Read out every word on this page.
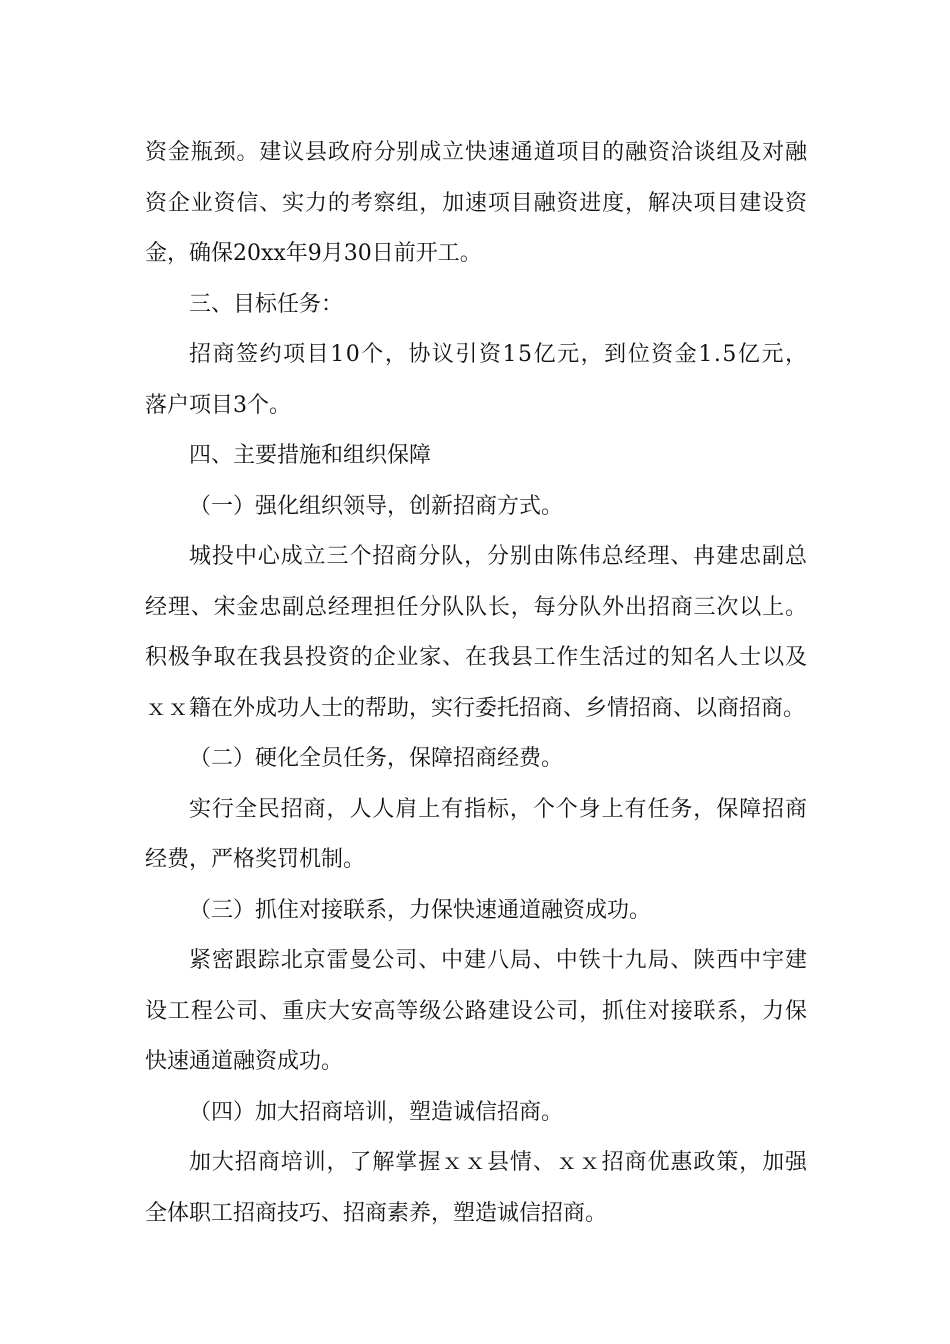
资金瓶颈。建议县政府分别成立快速通道项目的融资洽谈组及对融
资企业资信、实力的考察组，加速项目融资进度，解决项目建设资
金，确保20xx年9月30日前开工。
三、目标任务：
招商签约项目10个，协议引资15亿元，到位资金1.5亿元，
落户项目3个。
四、主要措施和组织保障
（一）强化组织领导，创新招商方式。
城投中心成立三个招商分队，分别由陈伟总经理、冉建忠副总
经理、宋金忠副总经理担任分队队长，每分队外出招商三次以上。
积极争取在我县投资的企业家、在我县工作生活过的知名人士以及
ｘｘ籍在外成功人士的帮助，实行委托招商、乡情招商、以商招商。
（二）硬化全员任务，保障招商经费。
实行全民招商，人人肩上有指标，个个身上有任务，保障招商
经费，严格奖罚机制。
（三）抓住对接联系，力保快速通道融资成功。
紧密跟踪北京雷曼公司、中建八局、中铁十九局、陕西中宇建
设工程公司、重庆大安高等级公路建设公司，抓住对接联系，力保
快速通道融资成功。
（四）加大招商培训，塑造诚信招商。
加大招商培训，了解掌握ｘｘ县情、ｘｘ招商优惠政策，加强
全体职工招商技巧、招商素养，塑造诚信招商。
